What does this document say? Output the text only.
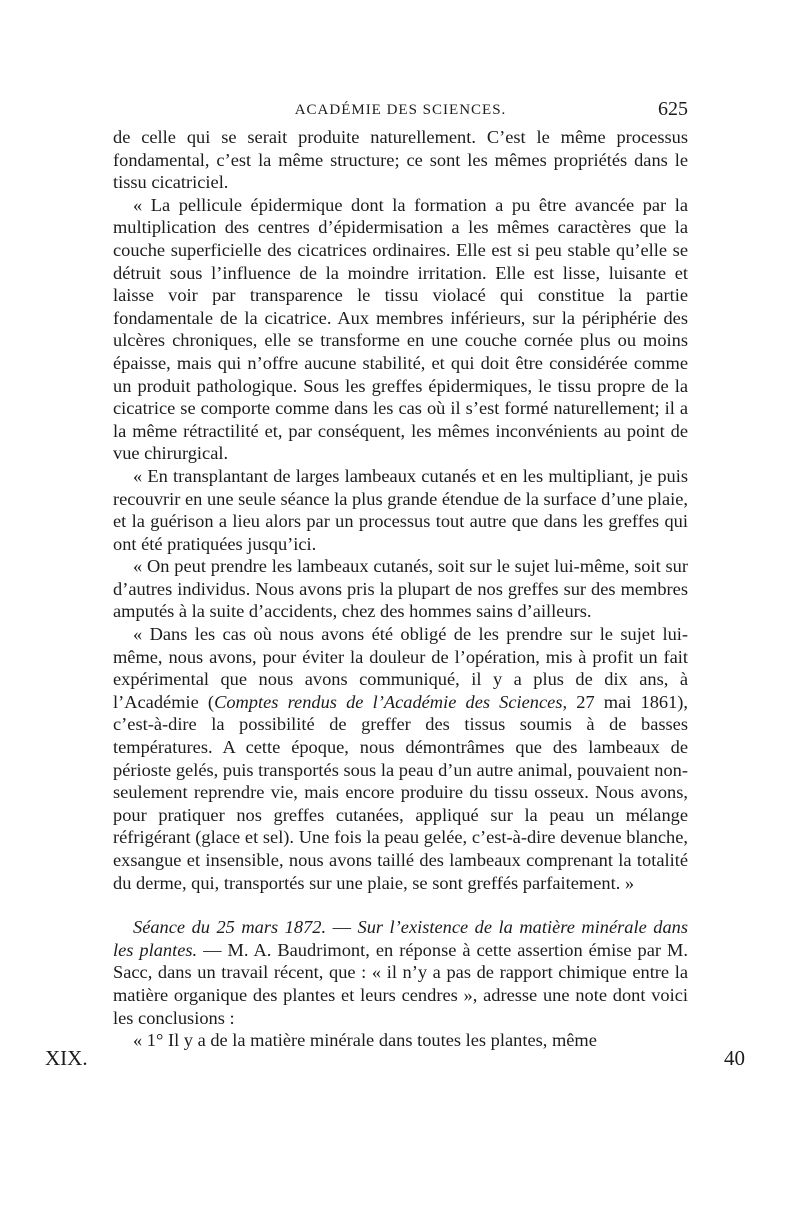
ACADÉMIE DES SCIENCES.	625

de celle qui se serait produite naturellement. C’est le même processus fondamental, c’est la même structure; ce sont les mêmes propriétés dans le tissu cicatriciel.

« La pellicule épidermique dont la formation a pu être avancée par la multiplication des centres d’épidermisation a les mêmes caractères que la couche superficielle des cicatrices ordinaires. Elle est si peu stable qu’elle se détruit sous l’influence de la moindre irritation. Elle est lisse, luisante et laisse voir par transparence le tissu violacé qui constitue la partie fondamentale de la cicatrice. Aux membres inférieurs, sur la périphérie des ulcères chroniques, elle se transforme en une couche cornée plus ou moins épaisse, mais qui n’offre aucune stabilité, et qui doit être considérée comme un produit pathologique. Sous les greffes épidermiques, le tissu propre de la cicatrice se comporte comme dans les cas où il s’est formé naturellement; il a la même rétractilité et, par conséquent, les mêmes inconvénients au point de vue chirurgical.

« En transplantant de larges lambeaux cutanés et en les multipliant, je puis recouvrir en une seule séance la plus grande étendue de la surface d’une plaie, et la guérison a lieu alors par un processus tout autre que dans les greffes qui ont été pratiquées jusqu’ici.

« On peut prendre les lambeaux cutanés, soit sur le sujet lui-même, soit sur d’autres individus. Nous avons pris la plupart de nos greffes sur des membres amputés à la suite d’accidents, chez des hommes sains d’ailleurs.

« Dans les cas où nous avons été obligé de les prendre sur le sujet lui-même, nous avons, pour éviter la douleur de l’opération, mis à profit un fait expérimental que nous avons communiqué, il y a plus de dix ans, à l’Académie (Comptes rendus de l’Académie des Sciences, 27 mai 1861), c’est-à-dire la possibilité de greffer des tissus soumis à de basses températures. A cette époque, nous démontrâmes que des lambeaux de périoste gelés, puis transportés sous la peau d’un autre animal, pouvaient non-seulement reprendre vie, mais encore produire du tissu osseux. Nous avons, pour pratiquer nos greffes cutanées, appliqué sur la peau un mélange réfrigérant (glace et sel). Une fois la peau gelée, c’est-à-dire devenue blanche, exsangue et insensible, nous avons taillé des lambeaux comprenant la totalité du derme, qui, transportés sur une plaie, se sont greffés parfaitement. »

Séance du 25 mars 1872. — Sur l’existence de la matière minérale dans les plantes. — M. A. Baudrimont, en réponse à cette assertion émise par M. Sacc, dans un travail récent, que : « il n’y a pas de rapport chimique entre la matière organique des plantes et leurs cendres », adresse une note dont voici les conclusions :

« 1° Il y a de la matière minérale dans toutes les plantes, même

XIX.	40
